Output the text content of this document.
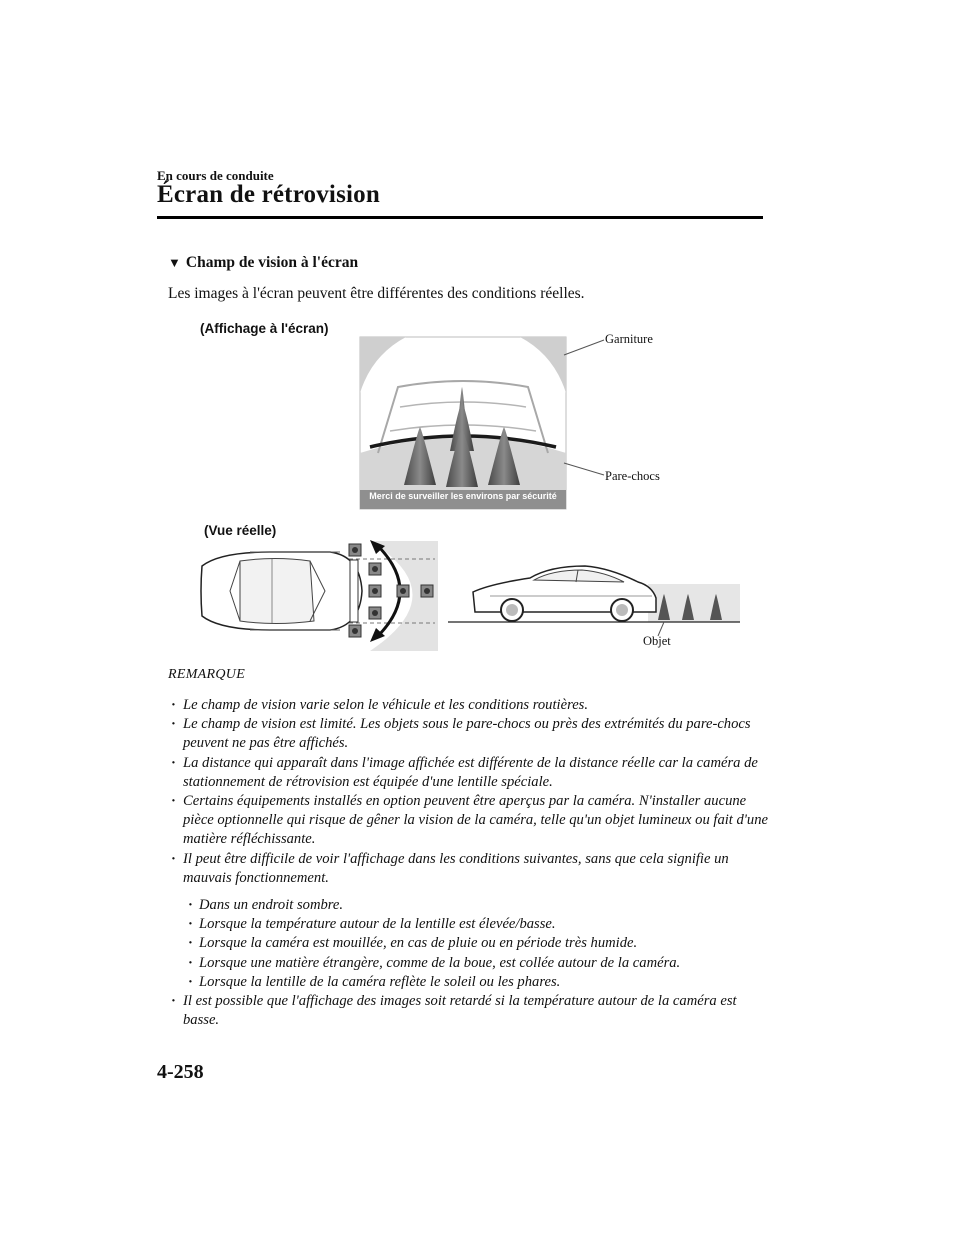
En cours de conduite
Écran de rétrovision
▼ Champ de vision à l'écran
Les images à l'écran peuvent être différentes des conditions réelles.
(Affichage à l'écran)
Garniture
Pare-chocs
Merci de surveiller les environs par sécurité
(Vue réelle)
Objet
REMARQUE
· Le champ de vision varie selon le véhicule et les conditions routières.
· Le champ de vision est limité. Les objets sous le pare-chocs ou près des extrémités du pare-chocs peuvent ne pas être affichés.
· La distance qui apparaît dans l'image affichée est différente de la distance réelle car la caméra de stationnement de rétrovision est équipée d'une lentille spéciale.
· Certains équipements installés en option peuvent être aperçus par la caméra. N'installer aucune pièce optionnelle qui risque de gêner la vision de la caméra, telle qu'un objet lumineux ou fait d'une matière réfléchissante.
· Il peut être difficile de voir l'affichage dans les conditions suivantes, sans que cela signifie un mauvais fonctionnement.
· Dans un endroit sombre.
· Lorsque la température autour de la lentille est élevée/basse.
· Lorsque la caméra est mouillée, en cas de pluie ou en période très humide.
· Lorsque une matière étrangère, comme de la boue, est collée autour de la caméra.
· Lorsque la lentille de la caméra reflète le soleil ou les phares.
· Il est possible que l'affichage des images soit retardé si la température autour de la caméra est basse.
4-258
